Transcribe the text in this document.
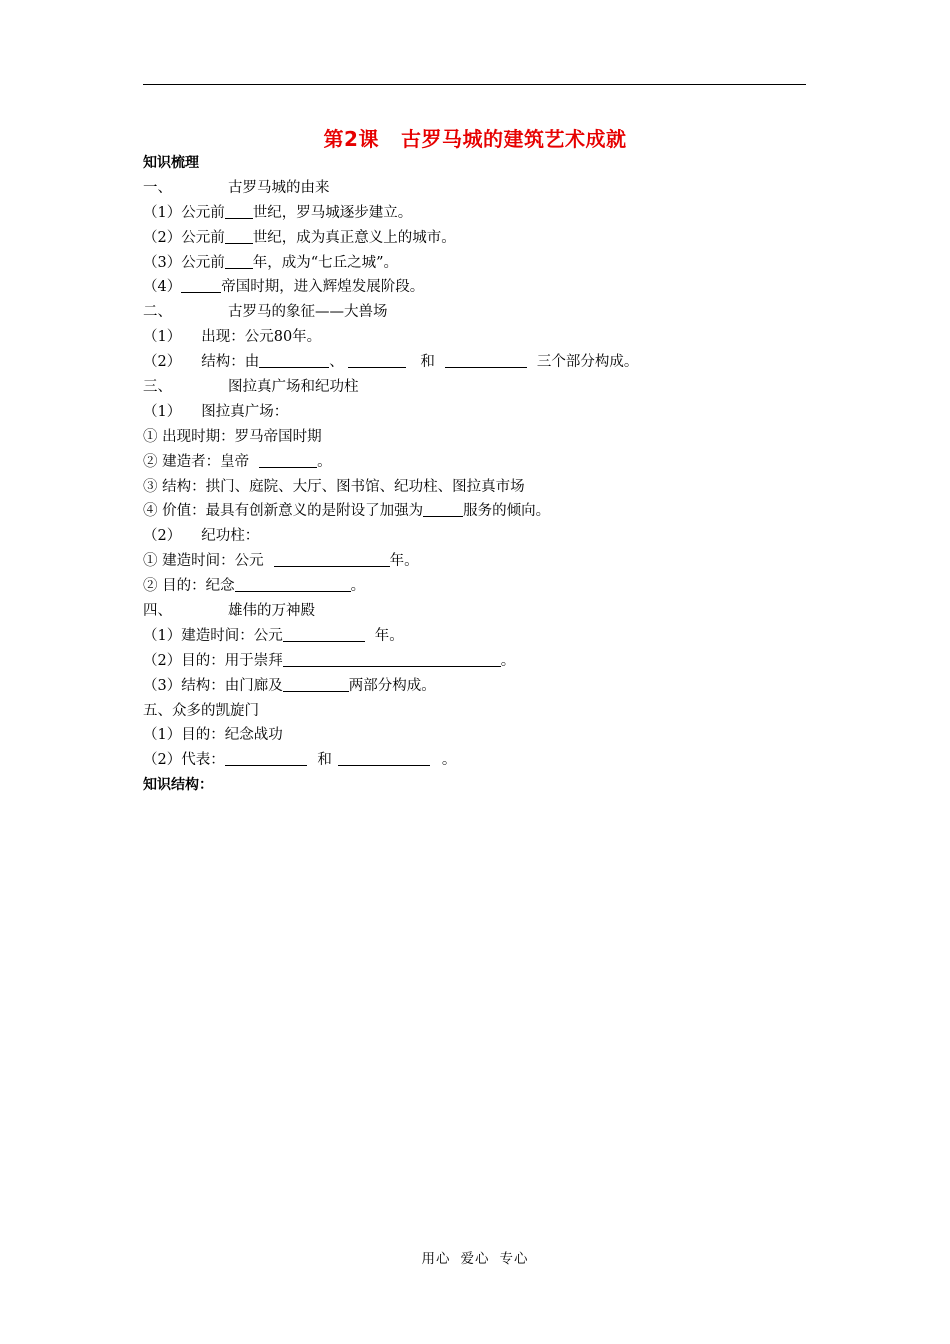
第2课 古罗马城的建筑艺术成就
知识梳理
一、	古罗马城的由来
（1）公元前 世纪，罗马城逐步建立。
（2）公元前 世纪，成为真正意义上的城市。
（3）公元前 年，成为“七丘之城”。
（4）	帝国时期，进入辉煌发展阶段。
二、	古罗马的象征——大兽场
（1） 出现：公元80年。
（2） 结构：由	、	和	三个部分构成。
三、	图拉真广场和纪功柱
（1） 图拉真广场：
① 出现时期：罗马帝国时期
② 建造者：皇帝	。
③ 结构：拱门、庭院、大厅、图书馆、纪功柱、图拉真市场
④ 价值：最具有创新意义的是附设了加强为	服务的倾向。
（2） 纪功柱：
① 建造时间：公元	年。
② 目的：纪念	。
四、	雄伟的万神殿
（1）建造时间：公元	年。
（2）目的：用于崇拜	。
（3）结构：由门廊及	两部分构成。
五、众多的凯旋门
（1）目的：纪念战功
（2）代表：	和	。
知识结构：
用心 爱心 专心
